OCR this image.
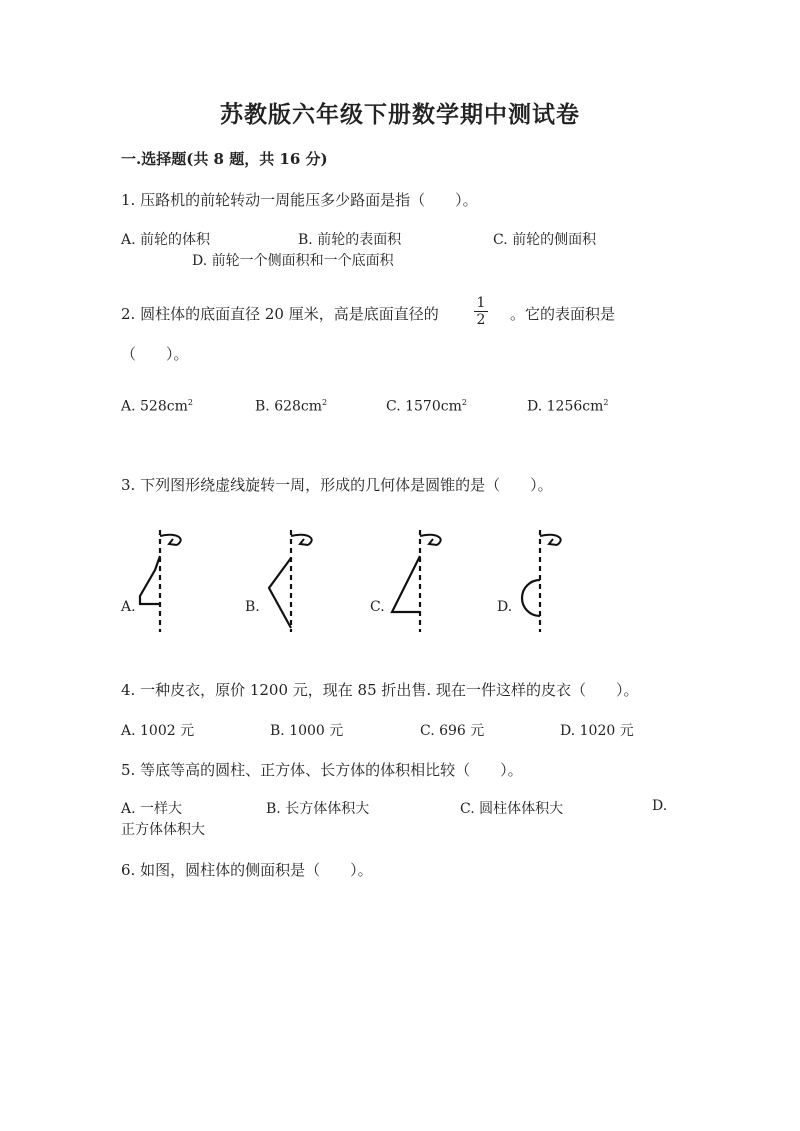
苏教版六年级下册数学期中测试卷
一.选择题(共 8 题，共 16 分)
1. 压路机的前轮转动一周能压多少路面是指（　　）。
A. 前轮的体积	B. 前轮的表面积	C. 前轮的侧面积
D. 前轮一个侧面积和一个底面积
2. 圆柱体的底面直径 20 厘米，高是底面直径的	$\frac{1}{2}$ 。它的表面积是
（　　）。
A. $528cm^2$	B. $628cm^2$	C. $1570cm^2$	D. $1256cm^2$
3. 下列图形绕虚线旋转一周，形成的几何体是圆锥的是（　　）。
A.	B.	C.	D.
4. 一种皮衣，原价 1200 元，现在 85 折出售. 现在一件这样的皮衣（　　）。
A. 1002 元	B. 1000 元	C. 696 元	D. 1020 元
5. 等底等高的圆柱、正方体、长方体的体积相比较（　　）。
A. 一样大	B. 长方体体积大	C. 圆柱体体积大	D.
正方体体积大
6. 如图，圆柱体的侧面积是（　　）。
